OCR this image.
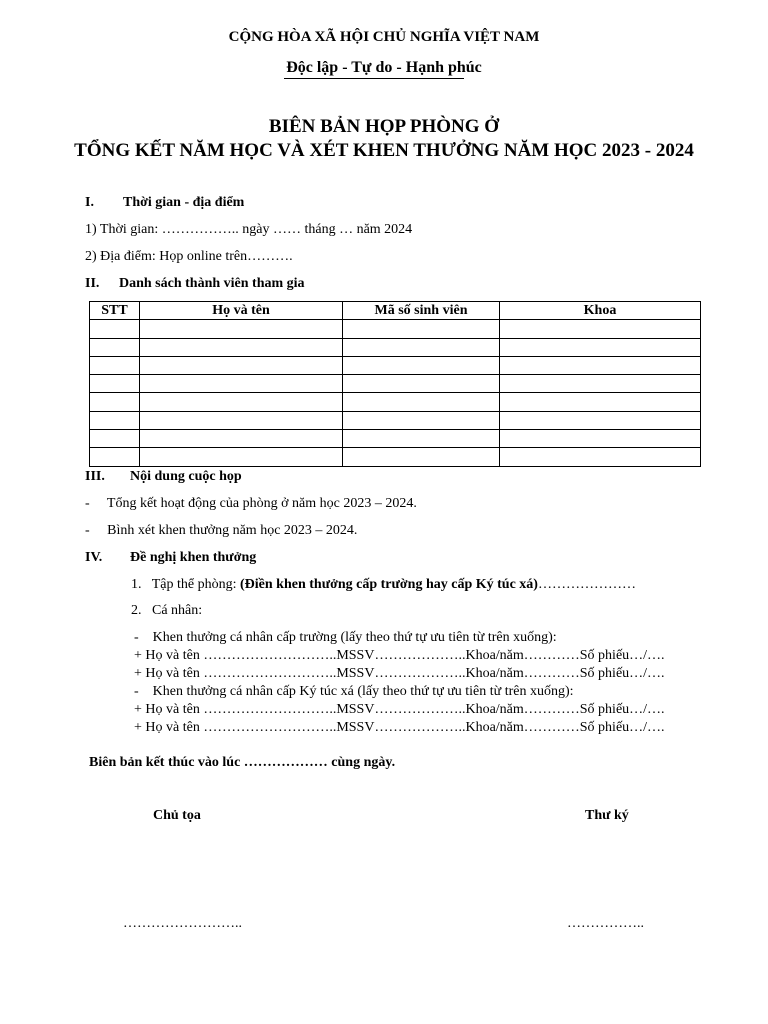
CỘNG HÒA XÃ HỘI CHỦ NGHĨA VIỆT NAM
Độc lập - Tự do - Hạnh phúc
BIÊN BẢN HỌP PHÒNG Ở
TỔNG KẾT NĂM HỌC VÀ XÉT KHEN THƯỞNG NĂM HỌC 2023 - 2024
I. Thời gian - địa điểm
1) Thời gian: …………….. ngày …… tháng … năm 2024
2) Địa điểm: Họp online trên……….
II. Danh sách thành viên tham gia
STT	Họ và tên	Mã số sinh viên	Khoa

III. Nội dung cuộc họp
-     Tổng kết hoạt động của phòng ở năm học 2023 – 2024.
-     Bình xét khen thưởng năm học 2023 – 2024.
IV. Đề nghị khen thưởng
1.   Tập thể phòng: (Điền khen thưởng cấp trường hay cấp Ký túc xá)…………………
2.   Cá nhân:
-    Khen thưởng cá nhân cấp trường (lấy theo thứ tự ưu tiên từ trên xuống):
+ Họ và tên ………………………..MSSV………………..Khoa/năm…………Số phiếu…/….
+ Họ và tên ………………………..MSSV………………..Khoa/năm…………Số phiếu…/….
-    Khen thưởng cá nhân cấp Ký túc xá (lấy theo thứ tự ưu tiên từ trên xuống):
+ Họ và tên ………………………..MSSV………………..Khoa/năm…………Số phiếu…/….
+ Họ và tên ………………………..MSSV………………..Khoa/năm…………Số phiếu…/….
Biên bản kết thúc vào lúc ……………… cùng ngày.
Chủ tọa	Thư ký
……………………..	……………..
